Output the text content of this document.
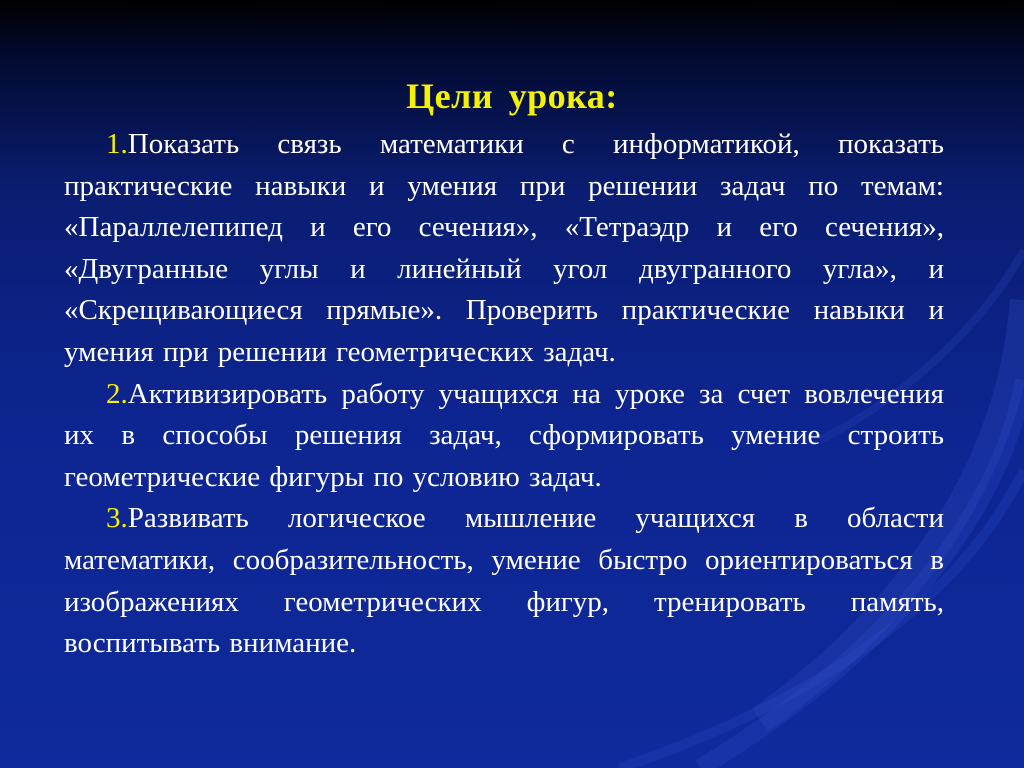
Цели урока:

1.Показать связь математики с информатикой, показать практические навыки и умения при решении задач по темам: «Параллелепипед и его сечения», «Тетраэдр и его сечения», «Двугранные углы и линейный угол двугранного угла», и «Скрещивающиеся прямые». Проверить практические навыки и умения при решении геометрических задач.

2.Активизировать работу учащихся на уроке за счет вовлечения их в способы решения задач, сформировать умение строить геометрические фигуры по условию задач.

3.Развивать логическое мышление учащихся в области математики, сообразительность, умение быстро ориентироваться в изображениях геометрических фигур, тренировать память, воспитывать внимание.
